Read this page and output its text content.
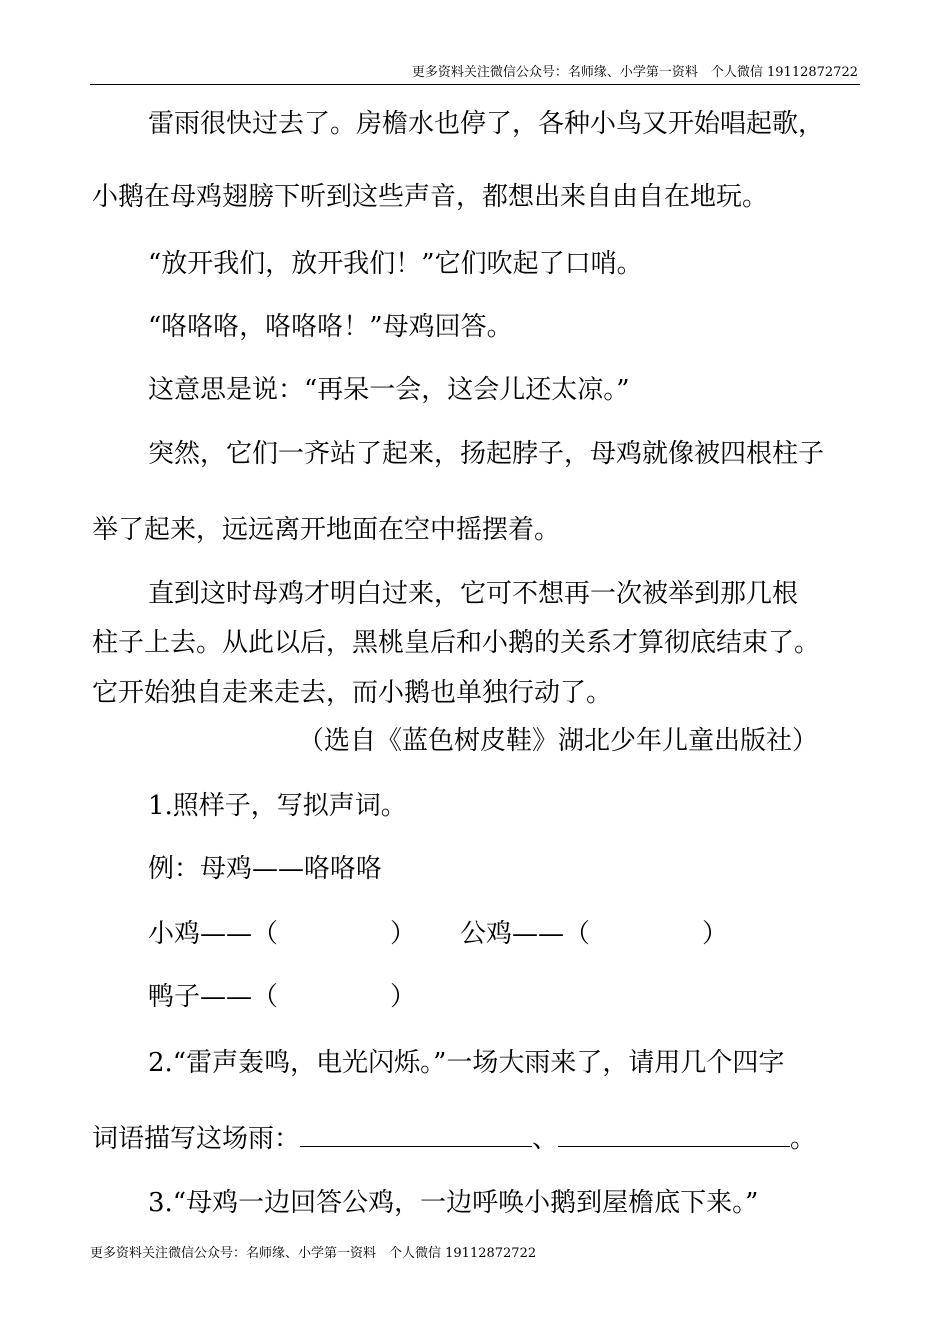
更多资料关注微信公众号：名师缘、小学第一资料　个人微信 19112872722
雷雨很快过去了。房檐水也停了，各种小鸟又开始唱起歌，
小鹅在母鸡翅膀下听到这些声音，都想出来自由自在地玩。
“放开我们，放开我们！”它们吹起了口哨。
“咯咯咯，咯咯咯！”母鸡回答。
这意思是说：“再呆一会，这会儿还太凉。”
突然，它们一齐站了起来，扬起脖子，母鸡就像被四根柱子
举了起来，远远离开地面在空中摇摆着。
直到这时母鸡才明白过来，它可不想再一次被举到那几根
柱子上去。从此以后，黑桃皇后和小鹅的关系才算彻底结束了。
它开始独自走来走去，而小鹅也单独行动了。
（选自《蓝色树皮鞋》湖北少年儿童出版社）
1.照样子，写拟声词。
例：母鸡——咯咯咯
小鸡——（	） 公鸡——（	）
鸭子——（	）
2.“雷声轰鸣，电光闪烁。”一场大雨来了，请用几个四字
词语描写这场雨：	、	。
3.“母鸡一边回答公鸡，一边呼唤小鹅到屋檐底下来。”
更多资料关注微信公众号：名师缘、小学第一资料　个人微信 19112872722
